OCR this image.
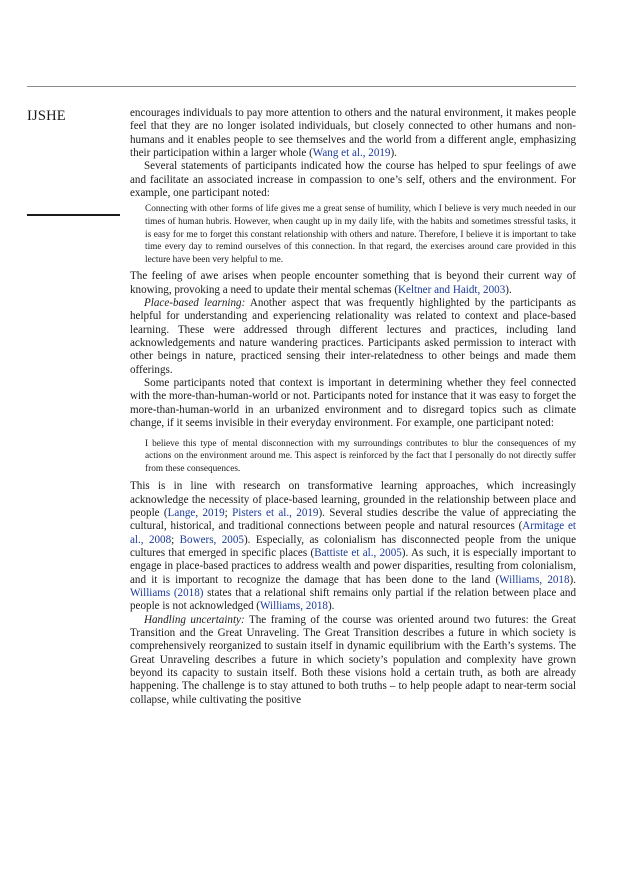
IJSHE	encourages individuals to pay more attention to others and the natural environment, it makes people feel that they are no longer isolated individuals, but closely connected to other humans and non-humans and it enables people to see themselves and the world from a different angle, emphasizing their participation within a larger whole (Wang et al., 2019).

Several statements of participants indicated how the course has helped to spur feelings of awe and facilitate an associated increase in compassion to one’s self, others and the environment. For example, one participant noted:

Connecting with other forms of life gives me a great sense of humility, which I believe is very much needed in our times of human hubris. However, when caught up in my daily life, with the habits and sometimes stressful tasks, it is easy for me to forget this constant relationship with others and nature. Therefore, I believe it is important to take time every day to remind ourselves of this connection. In that regard, the exercises around care provided in this lecture have been very helpful to me.

The feeling of awe arises when people encounter something that is beyond their current way of knowing, provoking a need to update their mental schemas (Keltner and Haidt, 2003).

Place-based learning: Another aspect that was frequently highlighted by the participants as helpful for understanding and experiencing relationality was related to context and place-based learning. These were addressed through different lectures and practices, including land acknowledgements and nature wandering practices. Participants asked permission to interact with other beings in nature, practiced sensing their inter-relatedness to other beings and made them offerings.

Some participants noted that context is important in determining whether they feel connected with the more-than-human-world or not. Participants noted for instance that it was easy to forget the more-than-human-world in an urbanized environment and to disregard topics such as climate change, if it seems invisible in their everyday environment. For example, one participant noted:

I believe this type of mental disconnection with my surroundings contributes to blur the consequences of my actions on the environment around me. This aspect is reinforced by the fact that I personally do not directly suffer from these consequences.

This is in line with research on transformative learning approaches, which increasingly acknowledge the necessity of place-based learning, grounded in the relationship between place and people (Lange, 2019; Pisters et al., 2019). Several studies describe the value of appreciating the cultural, historical, and traditional connections between people and natural resources (Armitage et al., 2008; Bowers, 2005). Especially, as colonialism has disconnected people from the unique cultures that emerged in specific places (Battiste et al., 2005). As such, it is especially important to engage in place-based practices to address wealth and power disparities, resulting from colonialism, and it is important to recognize the damage that has been done to the land (Williams, 2018). Williams (2018) states that a relational shift remains only partial if the relation between place and people is not acknowledged (Williams, 2018).

Handling uncertainty: The framing of the course was oriented around two futures: the Great Transition and the Great Unraveling. The Great Transition describes a future in which society is comprehensively reorganized to sustain itself in dynamic equilibrium with the Earth’s systems. The Great Unraveling describes a future in which society’s population and complexity have grown beyond its capacity to sustain itself. Both these visions hold a certain truth, as both are already happening. The challenge is to stay attuned to both truths – to help people adapt to near-term social collapse, while cultivating the positive
